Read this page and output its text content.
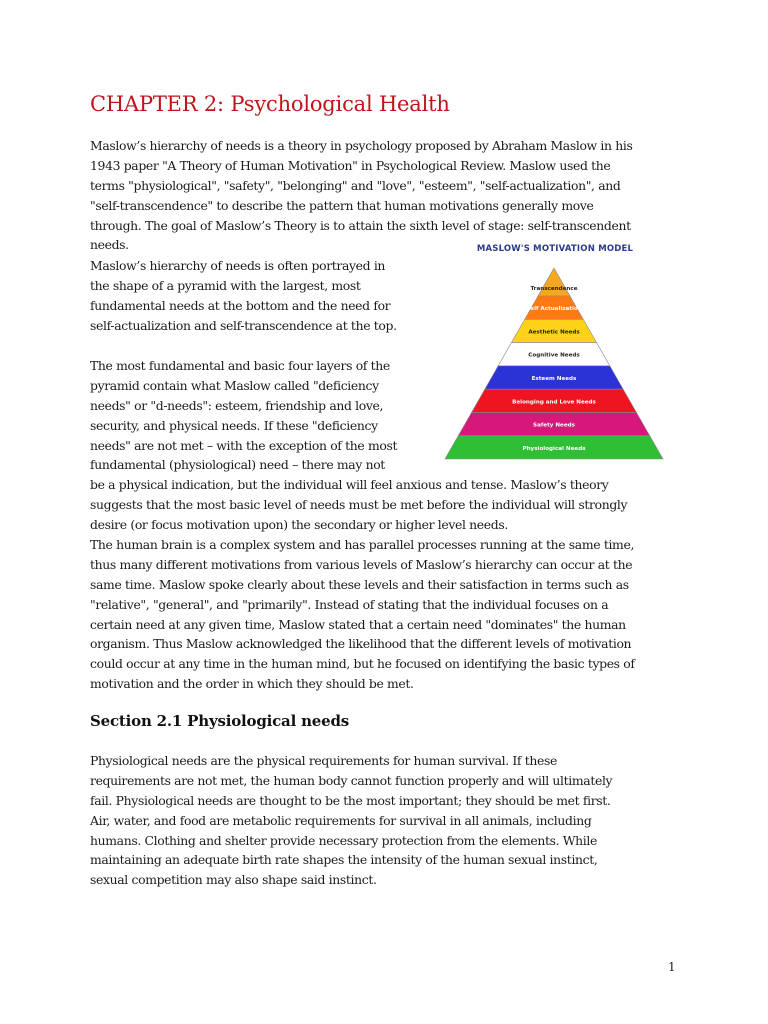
CHAPTER 2: Psychological Health

Maslow’s hierarchy of needs is a theory in psychology proposed by Abraham Maslow in his
1943 paper "A Theory of Human Motivation" in Psychological Review. Maslow used the
terms "physiological", "safety", "belonging" and "love", "esteem", "self-actualization", and
"self-transcendence" to describe the pattern that human motivations generally move
through. The goal of Maslow’s Theory is to attain the sixth level of stage: self-transcendent
needs.

Maslow’s hierarchy of needs is often portrayed in
the shape of a pyramid with the largest, most
fundamental needs at the bottom and the need for
self-actualization and self-transcendence at the top.

The most fundamental and basic four layers of the
pyramid contain what Maslow called "deficiency
needs" or "d-needs": esteem, friendship and love,
security, and physical needs. If these "deficiency
needs" are not met – with the exception of the most
fundamental (physiological) need – there may not
be a physical indication, but the individual will feel anxious and tense. Maslow’s theory
suggests that the most basic level of needs must be met before the individual will strongly
desire (or focus motivation upon) the secondary or higher level needs.

The human brain is a complex system and has parallel processes running at the same time,
thus many different motivations from various levels of Maslow’s hierarchy can occur at the
same time. Maslow spoke clearly about these levels and their satisfaction in terms such as
"relative", "general", and "primarily". Instead of stating that the individual focuses on a
certain need at any given time, Maslow stated that a certain need "dominates" the human
organism. Thus Maslow acknowledged the likelihood that the different levels of motivation
could occur at any time in the human mind, but he focused on identifying the basic types of
motivation and the order in which they should be met.

Section 2.1 Physiological needs

Physiological needs are the physical requirements for human survival. If these
requirements are not met, the human body cannot function properly and will ultimately
fail. Physiological needs are thought to be the most important; they should be met first.
Air, water, and food are metabolic requirements for survival in all animals, including
humans. Clothing and shelter provide necessary protection from the elements. While
maintaining an adequate birth rate shapes the intensity of the human sexual instinct,
sexual competition may also shape said instinct.

MASLOW'S MOTIVATION MODEL
Transcendence
Self Actualization
Aesthetic Needs
Cognitive Needs
Esteem Needs
Belonging and Love Needs
Safety Needs
Physiological Needs
1
